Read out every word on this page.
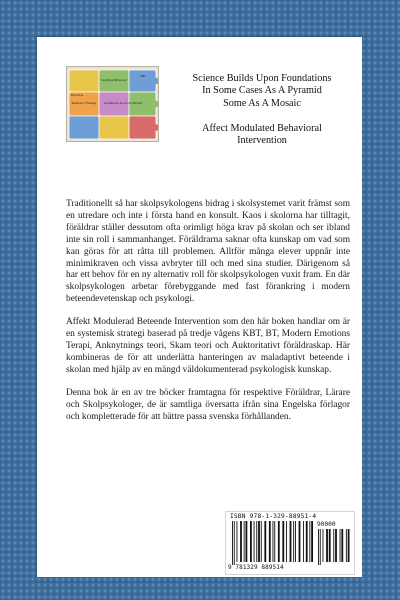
Cognitive Behaviour
DBT
Emotions
Behaviour Therapy	Acceptance and Commitment
Science Builds Upon Foundations
In Some Cases As A Pyramid
Some As A Mosaic
Affect Modulated Behavioral
Intervention

Traditionellt så har skolpsykologens bidrag i skolsystemet varit främst som en utredare och inte i första hand en konsult. Kaos i skolorna har tilltagit, föräldrar ställer dessutom ofta orimligt höga krav på skolan och ser ibland inte sin roll i sammanhanget. Föräldrarna saknar ofta kunskap om vad som kan göras för att råtta till problemen. Alltför många elever uppnår inte minimikraven och vissa avbryter till och med sina studier. Därigenom så har ett behov för en ny alternativ roll för skolpsykologen vuxit fram. En där skolpsykologen arbetar förebyggande med fast förankring i modern beteendevetenskap och psykologi.

Affekt Modulerad Beteende Intervention som den här boken handlar om är en systemisk strategi baserad på tredje vågens KBT, BT, Modern Emotions Terapi, Anknytnings teori, Skam teori och Auktoritativt föräldraskap. Här kombineras de för att underlätta hanteringen av maladaptivt beteende i skolan med hjälp av en mängd väldokumenterad psykologisk kunskap.

Denna bok är en av tre böcker framtagna för respektive Föräldrar, Lärare och Skolpsykologer, de är samtliga översatta ifrån sina Engelska förlagor och kompletterade för att bättre passa svenska förhållanden.

ISBN 978-1-329-88951-4
90000
9 781329 889514
